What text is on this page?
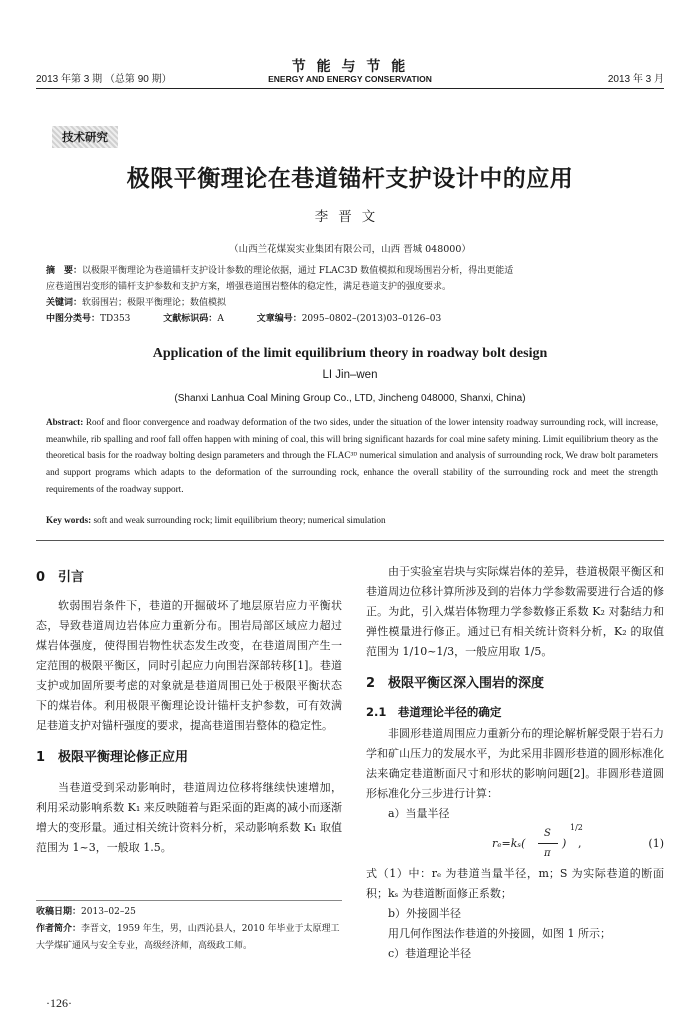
2013 年第 3 期 （总第 90 期）
节 能 与 节 能
ENERGY AND ENERGY CONSERVATION	2013 年 3 月
技术研究
极限平衡理论在巷道锚杆支护设计中的应用
李晋文
（山西兰花煤炭实业集团有限公司，山西 晋城 048000）
摘　要：以极限平衡理论为巷道锚杆支护设计参数的理论依据，通过 FLAC3D 数值模拟和现场围岩分析，得出更能适
应巷道围岩变形的锚杆支护参数和支护方案，增强巷道围岩整体的稳定性，满足巷道支护的强度要求。
关键词：软弱围岩；极限平衡理论；数值模拟
中图分类号：TD353	文献标识码：A	文章编号：2095–0802–(2013)03–0126–03
Application of the limit equilibrium theory in roadway bolt design
LI Jin–wen
(Shanxi Lanhua Coal Mining Group Co., LTD, Jincheng 048000, Shanxi, China)
Abstract: Roof and floor convergence and roadway deformation of the two sides, under the situation of the lower intensity roadway surrounding rock, will increase, meanwhile, rib spalling and roof fall offen happen with mining of coal, this will bring significant hazards for coal mine safety mining. Limit equilibrium theory as the theoretical basis for the roadway bolting design parameters and through the FLAC³ᴰ numerical simulation and analysis of surrounding rock, We draw bolt parameters and support programs which adapts to the deformation of the surrounding rock, enhance the overall stability of the surrounding rock and meet the strength requirements of the roadway support.
Key words: soft and weak surrounding rock; limit equilibrium theory; numerical simulation
0　引言

软弱围岩条件下，巷道的开掘破坏了地层原岩应力平衡状态，导致巷道周边岩体应力重新分布。围岩局部区域应力超过煤岩体强度，使得围岩物性状态发生改变，在巷道周围产生一定范围的极限平衡区，同时引起应力向围岩深部转移[1]。巷道支护或加固所要考虑的对象就是巷道周围已处于极限平衡状态下的煤岩体。利用极限平衡理论设计锚杆支护参数，可有效满足巷道支护对锚杆强度的要求，提高巷道围岩整体的稳定性。

1　极限平衡理论修正应用

当巷道受到采动影响时，巷道周边位移将继续快速增加，利用采动影响系数 K₁ 来反映随着与距采面的距离的减小而逐渐增大的变形量。通过相关统计资料分析，采动影响系数 K₁ 取值范围为 1~3，一般取 1.5。

收稿日期：2013–02–25
作者简介：李晋文，1959 年生，男，山西沁县人，2010 年毕业于太原理工大学煤矿通风与安全专业，高级经济师，高级政工师。
·126·

由于实验室岩块与实际煤岩体的差异，巷道极限平衡区和巷道周边位移计算所涉及到的岩体力学参数需要进行合适的修正。为此，引入煤岩体物理力学参数修正系数 K₂ 对黏结力和弹性模量进行修正。通过已有相关统计资料分析，K₂ 的取值范围为 1/10~1/3，一般应用取 1/5。

2　极限平衡区深入围岩的深度
2.1　巷道理论半径的确定

非圆形巷道周围应力重新分布的理论解析解受限于岩石力学和矿山压力的发展水平，为此采用非圆形巷道的圆形标准化法来确定巷道断面尺寸和形状的影响问题[2]。非圆形巷道圆形标准化分三步进行计算：

a）当量半径
rₑ=kₛ(
S
π
)
1/2
,	(1)

式（1）中：rₑ 为巷道当量半径，m；S 为实际巷道的断面积；kₛ 为巷道断面修正系数；

b）外接圆半径

用几何作图法作巷道的外接圆，如图 1 所示；

c）巷道理论半径
